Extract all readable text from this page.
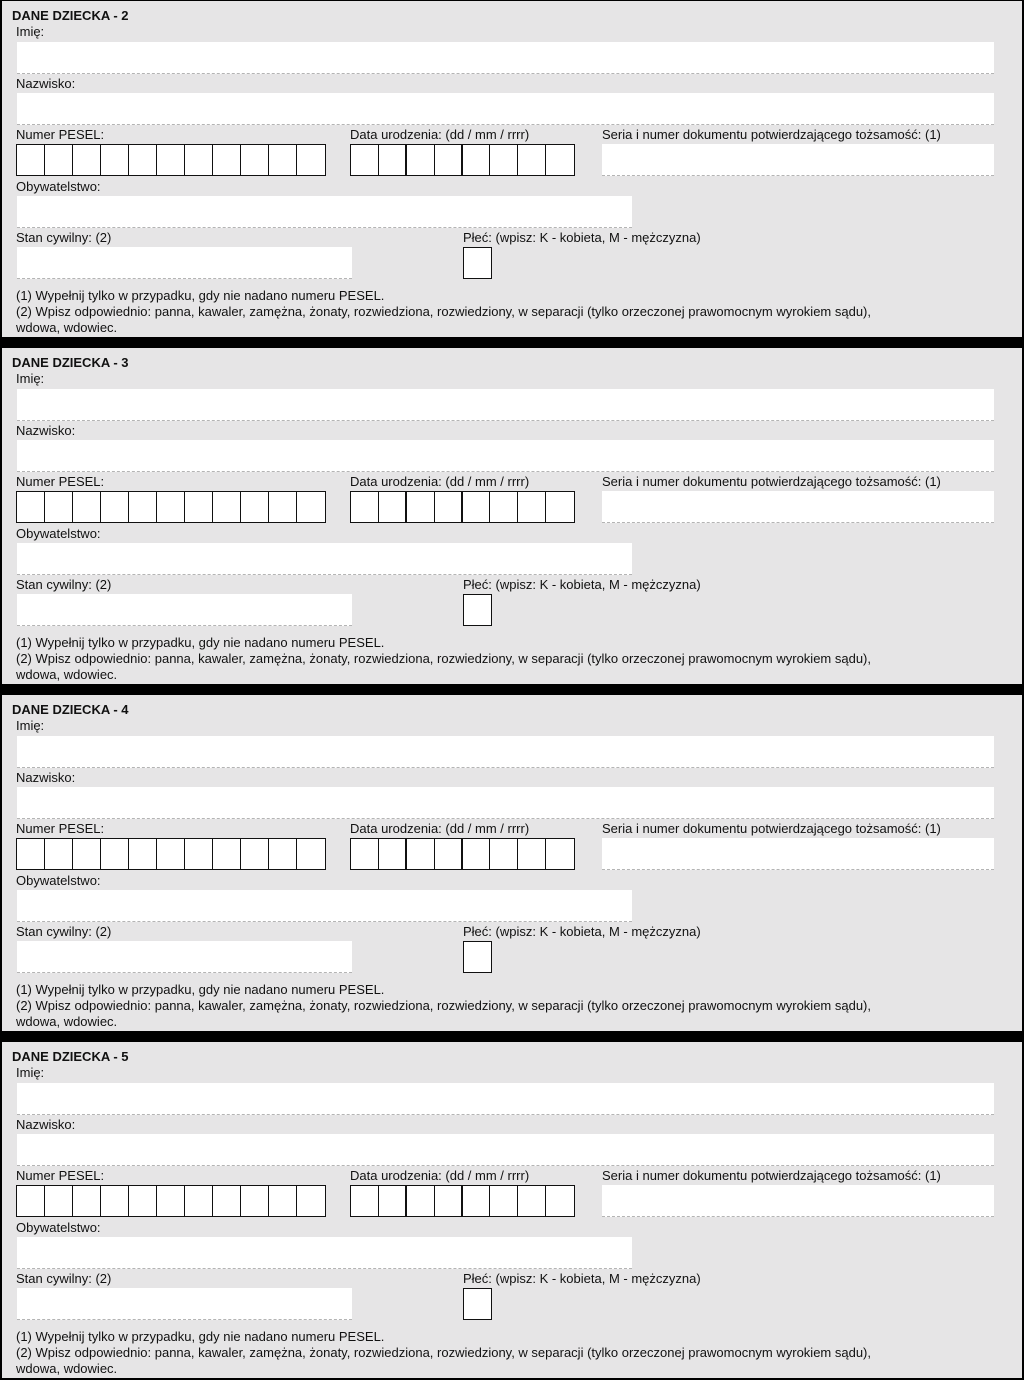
DANE DZIECKA - 2
Imię:
Nazwisko:
Numer PESEL:	Data urodzenia: (dd / mm / rrrr)	Seria i numer dokumentu potwierdzającego tożsamość: (1)
Obywatelstwo:
Stan cywilny: (2)	Płeć: (wpisz: K - kobieta, M - mężczyzna)
(1) Wypełnij tylko w przypadku, gdy nie nadano numeru PESEL.
(2) Wpisz odpowiednio: panna, kawaler, zamężna, żonaty, rozwiedziona, rozwiedziony, w separacji (tylko orzeczonej prawomocnym wyrokiem sądu),
wdowa, wdowiec.
DANE DZIECKA - 3
Imię:
Nazwisko:
Numer PESEL:	Data urodzenia: (dd / mm / rrrr)	Seria i numer dokumentu potwierdzającego tożsamość: (1)
Obywatelstwo:
Stan cywilny: (2)	Płeć: (wpisz: K - kobieta, M - mężczyzna)
(1) Wypełnij tylko w przypadku, gdy nie nadano numeru PESEL.
(2) Wpisz odpowiednio: panna, kawaler, zamężna, żonaty, rozwiedziona, rozwiedziony, w separacji (tylko orzeczonej prawomocnym wyrokiem sądu),
wdowa, wdowiec.
DANE DZIECKA - 4
Imię:
Nazwisko:
Numer PESEL:	Data urodzenia: (dd / mm / rrrr)	Seria i numer dokumentu potwierdzającego tożsamość: (1)
Obywatelstwo:
Stan cywilny: (2)	Płeć: (wpisz: K - kobieta, M - mężczyzna)
(1) Wypełnij tylko w przypadku, gdy nie nadano numeru PESEL.
(2) Wpisz odpowiednio: panna, kawaler, zamężna, żonaty, rozwiedziona, rozwiedziony, w separacji (tylko orzeczonej prawomocnym wyrokiem sądu),
wdowa, wdowiec.
DANE DZIECKA - 5
Imię:
Nazwisko:
Numer PESEL:	Data urodzenia: (dd / mm / rrrr)	Seria i numer dokumentu potwierdzającego tożsamość: (1)
Obywatelstwo:
Stan cywilny: (2)	Płeć: (wpisz: K - kobieta, M - mężczyzna)
(1) Wypełnij tylko w przypadku, gdy nie nadano numeru PESEL.
(2) Wpisz odpowiednio: panna, kawaler, zamężna, żonaty, rozwiedziona, rozwiedziony, w separacji (tylko orzeczonej prawomocnym wyrokiem sądu),
wdowa, wdowiec.
